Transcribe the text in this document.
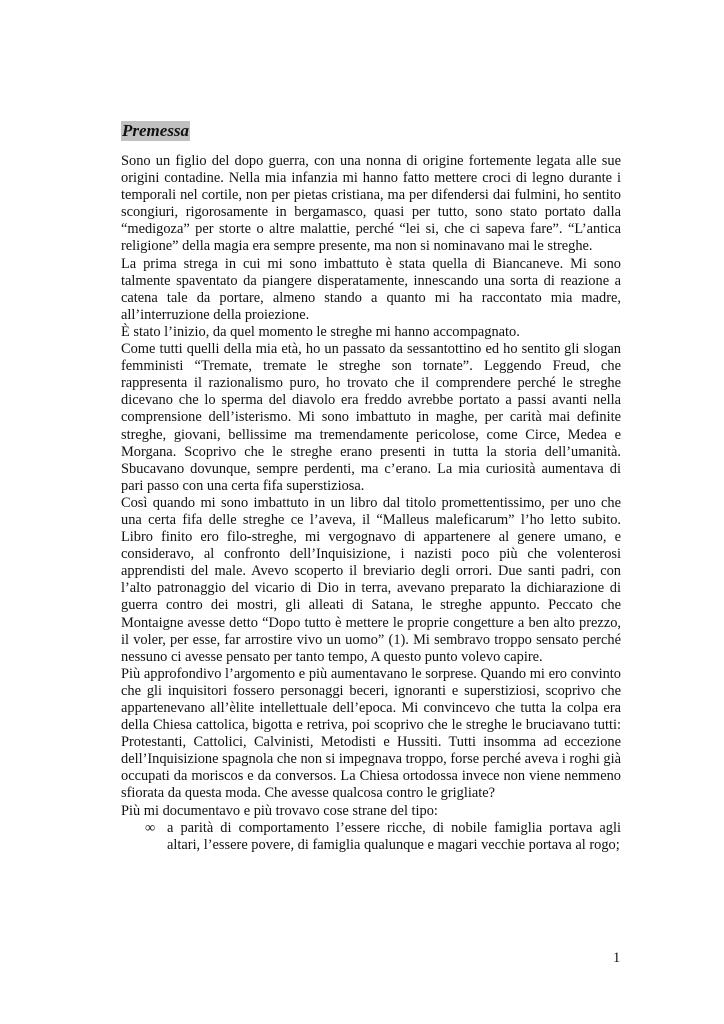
Premessa

Sono un figlio del dopo guerra, con una nonna di origine fortemente legata alle sue origini contadine. Nella mia infanzia mi hanno fatto mettere croci di legno durante i temporali nel cortile, non per pietas cristiana, ma per difendersi dai fulmini, ho sentito scongiuri, rigorosamente in bergamasco, quasi per tutto, sono stato portato dalla “medigoza” per storte o altre malattie, perché “lei si, che ci sapeva fare”. “L’antica religione” della magia era sempre presente, ma non si nominavano mai le streghe.

La prima strega in cui mi sono imbattuto è stata quella di Biancaneve. Mi sono talmente spaventato da piangere disperatamente, innescando una sorta di reazione a catena tale da portare, almeno stando a quanto mi ha raccontato mia madre, all’interruzione della proiezione.

È stato l’inizio, da quel momento le streghe mi hanno accompagnato.

Come tutti quelli della mia età, ho un passato da sessantottino ed ho sentito gli slogan femministi “Tremate, tremate le streghe son tornate”. Leggendo Freud, che rappresenta il razionalismo puro, ho trovato che il comprendere perché le streghe dicevano che lo sperma del diavolo era freddo avrebbe portato a passi avanti nella comprensione dell’isterismo. Mi sono imbattuto in maghe, per carità mai definite streghe, giovani, bellissime ma tremendamente pericolose, come Circe, Medea e Morgana. Scoprivo che le streghe erano presenti in tutta la storia dell’umanità. Sbucavano dovunque, sempre perdenti, ma c’erano. La mia curiosità aumentava di pari passo con una certa fifa superstiziosa.

Così quando mi sono imbattuto in un libro dal titolo promettentissimo, per uno che una certa fifa delle streghe ce l’aveva, il “Malleus maleficarum” l’ho letto subito. Libro finito ero filo-streghe, mi vergognavo di appartenere al genere umano, e consideravo, al confronto dell’Inquisizione, i nazisti poco più che volenterosi apprendisti del male. Avevo scoperto il breviario degli orrori. Due santi padri, con l’alto patronaggio del vicario di Dio in terra, avevano preparato la dichiarazione di guerra contro dei mostri, gli alleati di Satana, le streghe appunto. Peccato che Montaigne avesse detto “Dopo tutto è mettere le proprie congetture a ben alto prezzo, il voler, per esse, far arrostire vivo un uomo” (1). Mi sembravo troppo sensato perché nessuno ci avesse pensato per tanto tempo, A questo punto volevo capire.

Più approfondivo l’argomento e più aumentavano le sorprese. Quando mi ero convinto che gli inquisitori fossero personaggi beceri, ignoranti e superstiziosi, scoprivo che appartenevano all’èlite intellettuale dell’epoca. Mi convincevo che tutta la colpa era della Chiesa cattolica, bigotta e retriva, poi scoprivo che le streghe le bruciavano tutti: Protestanti, Cattolici, Calvinisti, Metodisti e Hussiti. Tutti insomma ad eccezione dell’Inquisizione spagnola che non si impegnava troppo, forse perché aveva i roghi già occupati da moriscos e da conversos. La Chiesa ortodossa invece non viene nemmeno sfiorata da questa moda. Che avesse qualcosa contro le grigliate?

Più mi documentavo e più trovavo cose strane del tipo:

∞ a parità di comportamento l’essere ricche, di nobile famiglia portava agli altari, l’essere povere, di famiglia qualunque e magari vecchie portava al rogo;
1
